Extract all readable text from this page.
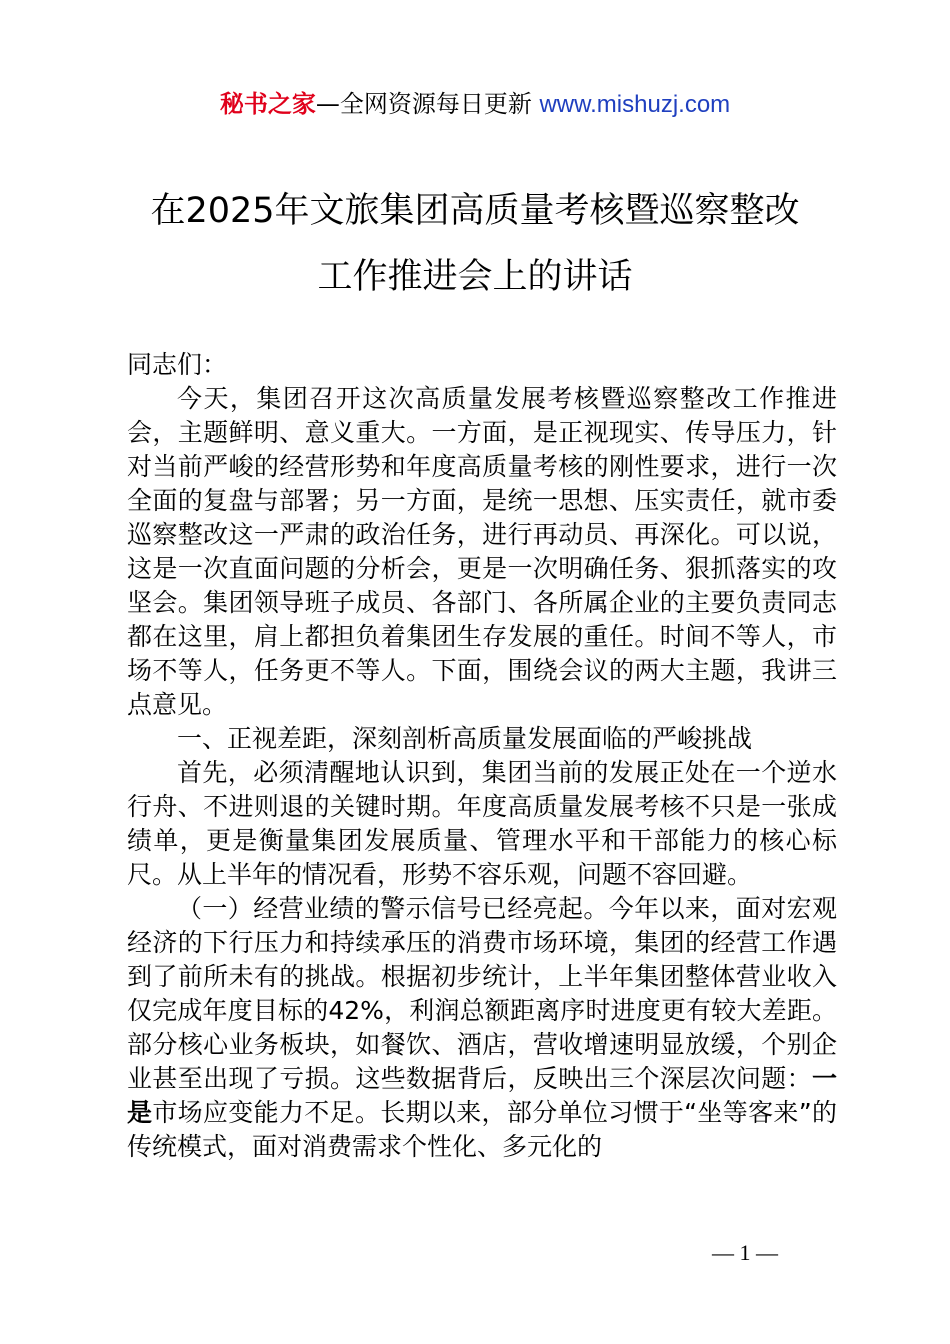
秘书之家—全网资源每日更新 www.mishuzj.com
在2025年文旅集团高质量考核暨巡察整改
工作推进会上的讲话

同志们：

今天，集团召开这次高质量发展考核暨巡察整改工作推进会，主题鲜明、意义重大。一方面，是正视现实、传导压力，针对当前严峻的经营形势和年度高质量考核的刚性要求，进行一次全面的复盘与部署；另一方面，是统一思想、压实责任，就市委巡察整改这一严肃的政治任务，进行再动员、再深化。可以说，这是一次直面问题的分析会，更是一次明确任务、狠抓落实的攻坚会。集团领导班子成员、各部门、各所属企业的主要负责同志都在这里，肩上都担负着集团生存发展的重任。时间不等人，市场不等人，任务更不等人。下面，围绕会议的两大主题，我讲三点意见。

一、正视差距，深刻剖析高质量发展面临的严峻挑战

首先，必须清醒地认识到，集团当前的发展正处在一个逆水行舟、不进则退的关键时期。年度高质量发展考核不只是一张成绩单，更是衡量集团发展质量、管理水平和干部能力的核心标尺。从上半年的情况看，形势不容乐观，问题不容回避。

（一）经营业绩的警示信号已经亮起。今年以来，面对宏观经济的下行压力和持续承压的消费市场环境，集团的经营工作遇到了前所未有的挑战。根据初步统计，上半年集团整体营业收入仅完成年度目标的42%，利润总额距离序时进度更有较大差距。部分核心业务板块，如餐饮、酒店，营收增速明显放缓，个别企业甚至出现了亏损。这些数据背后，反映出三个深层次问题：一是市场应变能力不足。长期以来，部分单位习惯于“坐等客来”的传统模式，面对消费需求个性化、多元化的

— 1 —
